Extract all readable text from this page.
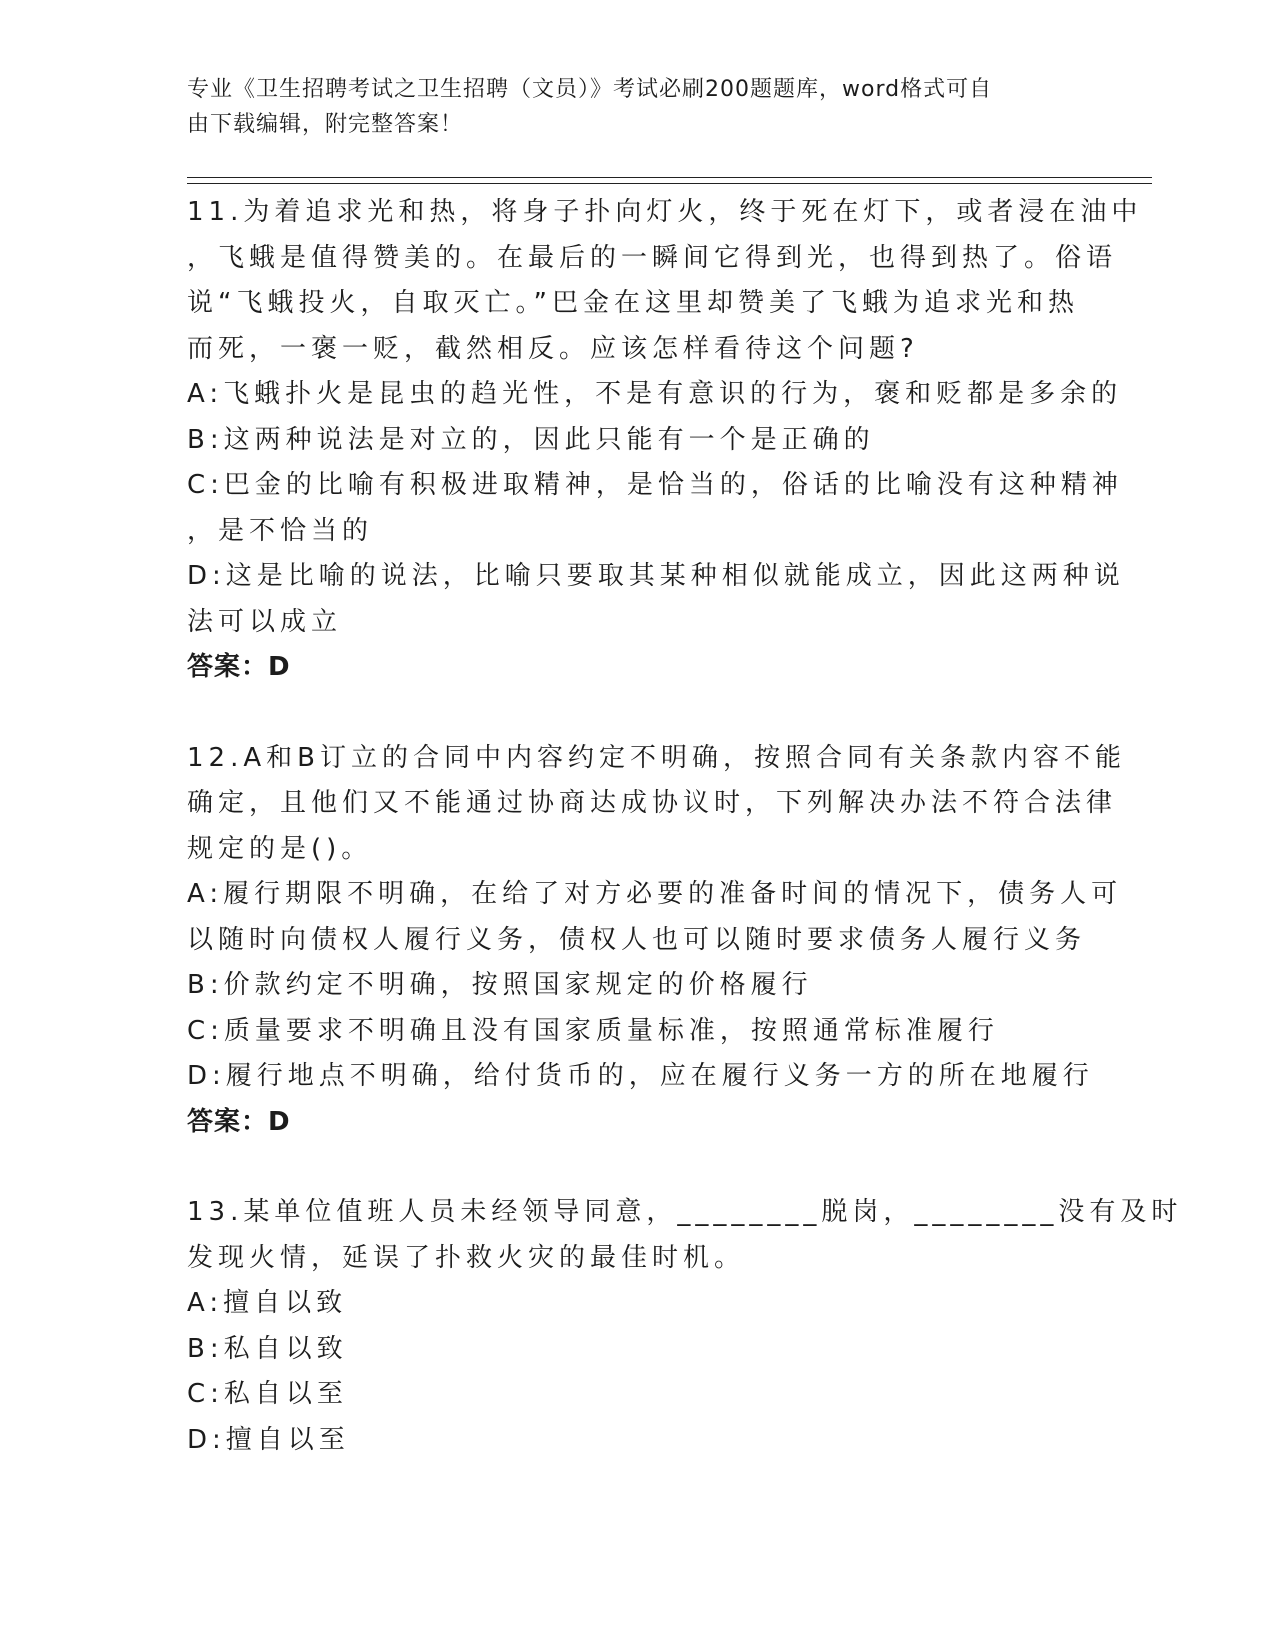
专业《卫生招聘考试之卫生招聘（文员）》考试必刷200题题库，word格式可自
由下载编辑，附完整答案！
11.为着追求光和热，将身子扑向灯火，终于死在灯下，或者浸在油中
，飞蛾是值得赞美的。在最后的一瞬间它得到光，也得到热了。俗语
说“飞蛾投火，自取灭亡。”巴金在这里却赞美了飞蛾为追求光和热
而死，一褒一贬，截然相反。应该怎样看待这个问题?
A:飞蛾扑火是昆虫的趋光性，不是有意识的行为，褒和贬都是多余的
B:这两种说法是对立的，因此只能有一个是正确的
C:巴金的比喻有积极进取精神，是恰当的，俗话的比喻没有这种精神
，是不恰当的
D:这是比喻的说法，比喻只要取其某种相似就能成立，因此这两种说
法可以成立
答案：D
12.A和B订立的合同中内容约定不明确，按照合同有关条款内容不能
确定，且他们又不能通过协商达成协议时，下列解决办法不符合法律
规定的是()。
A:履行期限不明确，在给了对方必要的准备时间的情况下，债务人可
以随时向债权人履行义务，债权人也可以随时要求债务人履行义务
B:价款约定不明确，按照国家规定的价格履行
C:质量要求不明确且没有国家质量标准，按照通常标准履行
D:履行地点不明确，给付货币的，应在履行义务一方的所在地履行
答案：D
13.某单位值班人员未经领导同意，________脱岗，________没有及时
发现火情，延误了扑救火灾的最佳时机。
A:擅自以致
B:私自以致
C:私自以至
D:擅自以至
